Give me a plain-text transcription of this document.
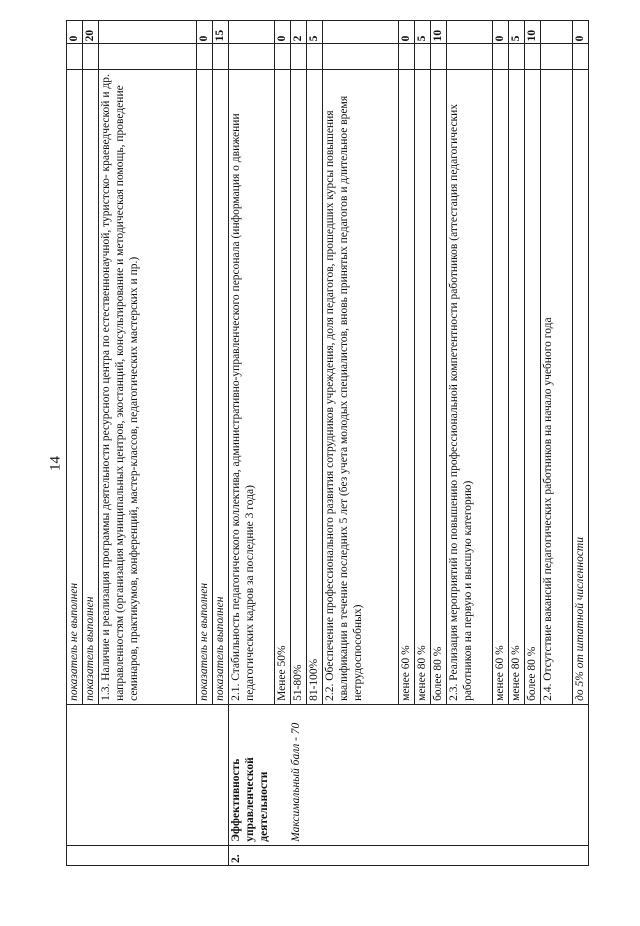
14
		показатель не выполнен		0
		показатель выполнен		20
		1.3. Наличие и реализация программы деятельности ресурсного центра по естественнонаучной, туристско- краеведческой и др. направленностям (организация муниципальных центров, экостанций, консультирование и методическая помощь, проведение семинаров, практикумов, конференций, мастер-классов, педагогических мастерских и пр.)		
		показатель не выполнен		0
		показатель выполнен		15
2.	Эффективность управленческой деятельности Максимальный балл - 70	2.1. Стабильность педагогического коллектива, административно-управленческого персонала (информация о движении педагогических кадров за последние 3 года)		
		Менее 50%		0
		51-80%		2
		81-100%		5
		2.2. Обеспечение профессионального развития сотрудников учреждения, доля педагогов, прошедших курсы повышения квалификации в течение последних 5 лет (без учета молодых специалистов, вновь принятых педагогов и длительное время нетрудоспособных)		
		менее 60 %		0
		менее 80 %		5
		более 80 %		10
		2.3. Реализация мероприятий по повышению профессиональной компетентности работников (аттестация педагогических работников на первую и высшую категорию)		
		менее 60 %		0
		менее 80 %		5
		более 80 %		10
		2.4. Отсутствие вакансий педагогических работников на начало учебного года		
		до 5% от штатной численности		0
